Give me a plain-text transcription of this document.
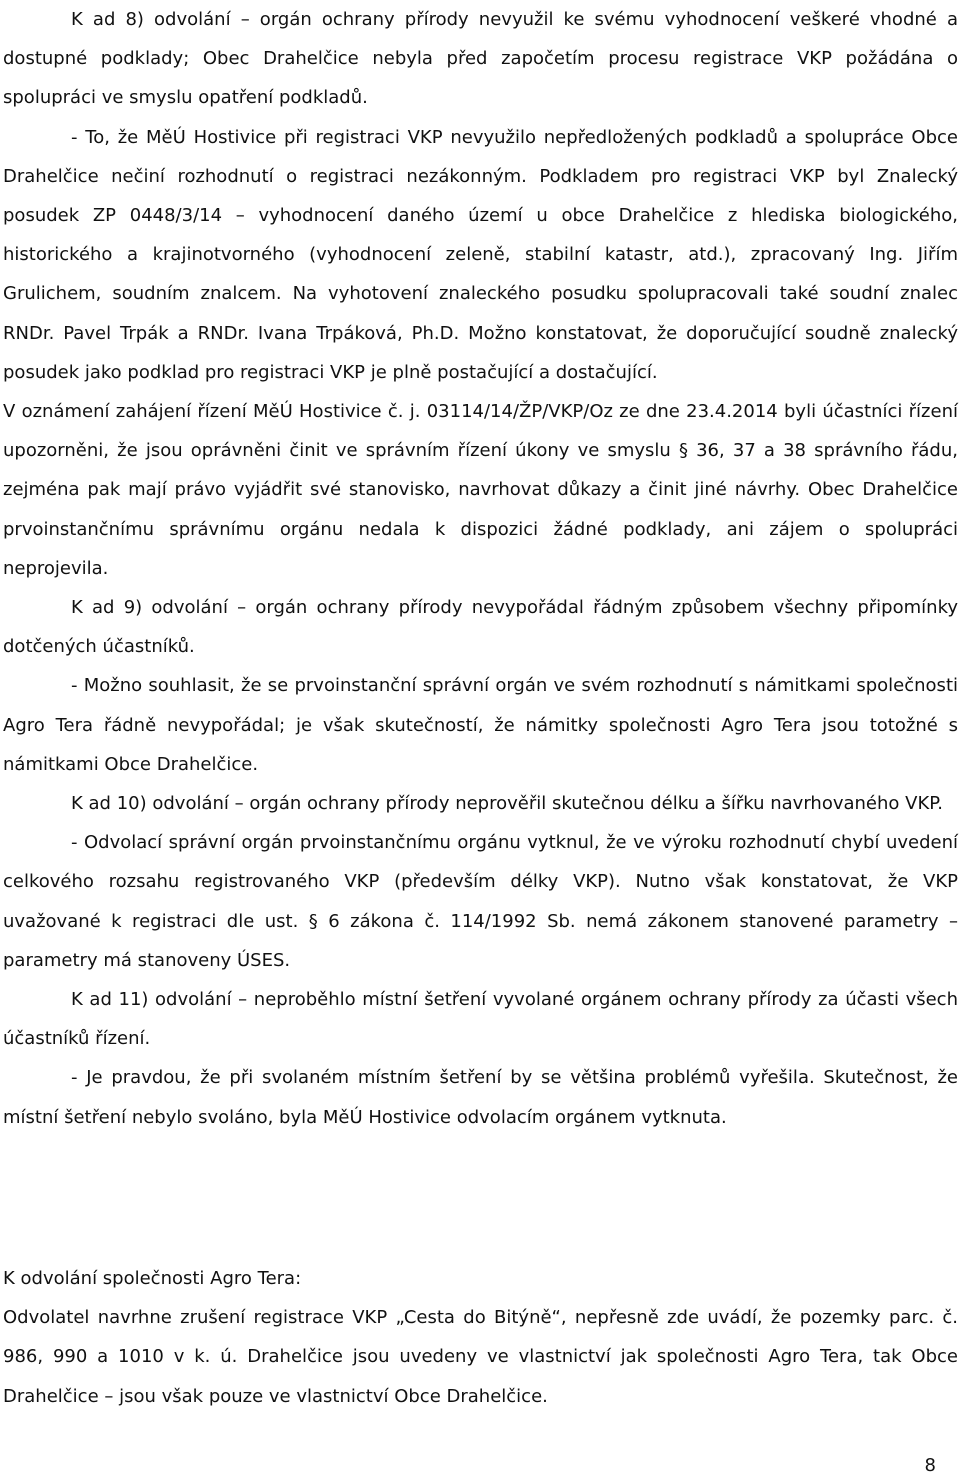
K ad 8) odvolání – orgán ochrany přírody nevyužil ke svému vyhodnocení veškeré vhodné a dostupné podklady; Obec Drahelčice nebyla před započetím procesu registrace VKP požádána o spolupráci ve smyslu opatření podkladů.

- To, že MěÚ Hostivice při registraci VKP nevyužilo nepředložených podkladů a spolupráce Obce Drahelčice nečiní rozhodnutí o registraci nezákonným. Podkladem pro registraci VKP byl Znalecký posudek ZP 0448/3/14 – vyhodnocení daného území u obce Drahelčice z hlediska biologického, historického a krajinotvorného (vyhodnocení zeleně, stabilní katastr, atd.), zpracovaný Ing. Jiřím Grulichem, soudním znalcem. Na vyhotovení znaleckého posudku spolupracovali také soudní znalec RNDr. Pavel Trpák a RNDr. Ivana Trpáková, Ph.D. Možno konstatovat, že doporučující soudně znalecký posudek jako podklad pro registraci VKP je plně postačující a dostačující.

V oznámení zahájení řízení MěÚ Hostivice č. j. 03114/14/ŽP/VKP/Oz ze dne 23.4.2014 byli účastníci řízení upozorněni, že jsou oprávněni činit ve správním řízení úkony ve smyslu § 36, 37 a 38 správního řádu, zejména pak mají právo vyjádřit své stanovisko, navrhovat důkazy a činit jiné návrhy. Obec Drahelčice prvoinstančnímu správnímu orgánu nedala k dispozici žádné podklady, ani zájem o spolupráci neprojevila.

K ad 9) odvolání – orgán ochrany přírody nevypořádal řádným způsobem všechny připomínky dotčených účastníků.

- Možno souhlasit, že se prvoinstanční správní orgán ve svém rozhodnutí s námitkami společnosti Agro Tera řádně nevypořádal; je však skutečností, že námitky společnosti Agro Tera jsou totožné s námitkami Obce Drahelčice.

K ad 10) odvolání – orgán ochrany přírody neprověřil skutečnou délku a šířku navrhovaného VKP.

- Odvolací správní orgán prvoinstančnímu orgánu vytknul, že ve výroku rozhodnutí chybí uvedení celkového rozsahu registrovaného VKP (především délky VKP). Nutno však konstatovat, že VKP uvažované k registraci dle ust. § 6 zákona č. 114/1992 Sb. nemá zákonem stanovené parametry – parametry má stanoveny ÚSES.

K ad 11) odvolání – neproběhlo místní šetření vyvolané orgánem ochrany přírody za účasti všech účastníků řízení.

- Je pravdou, že při svolaném místním šetření by se většina problémů vyřešila. Skutečnost, že místní šetření nebylo svoláno, byla MěÚ Hostivice odvolacím orgánem vytknuta.

K odvolání společnosti Agro Tera:

Odvolatel navrhne zrušení registrace VKP „Cesta do Bitýně“, nepřesně zde uvádí, že pozemky parc. č. 986, 990 a 1010 v k. ú. Drahelčice jsou uvedeny ve vlastnictví jak společnosti Agro Tera, tak Obce Drahelčice – jsou však pouze ve vlastnictví Obce Drahelčice.

8
